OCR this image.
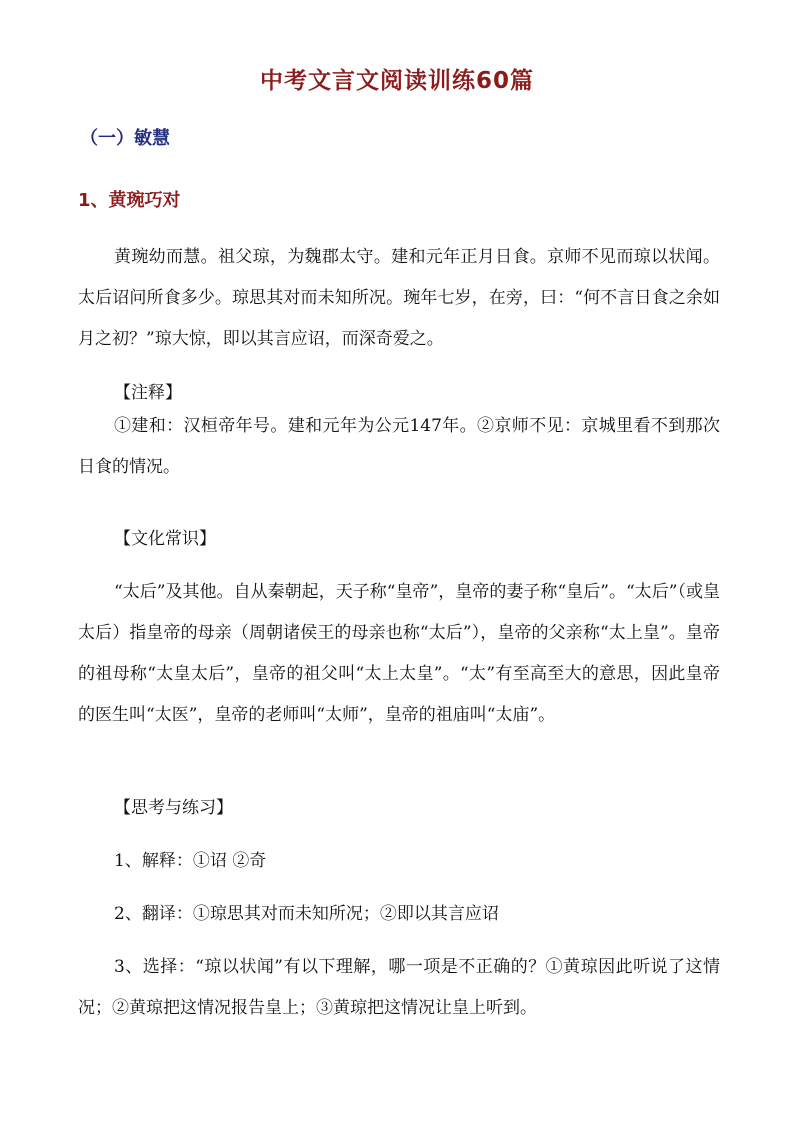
中考文言文阅读训练60篇
（一）敏慧
1、黄琬巧对

黄琬幼而慧。祖父琼，为魏郡太守。建和元年正月日食。京师不见而琼以状闻。太后诏问所食多少。琼思其对而未知所况。琬年七岁，在旁，曰：“何不言日食之余如月之初？”琼大惊，即以其言应诏，而深奇爱之。

【注释】

①建和：汉桓帝年号。建和元年为公元147年。②京师不见：京城里看不到那次日食的情况。

【文化常识】

“太后”及其他。自从秦朝起，天子称“皇帝”，皇帝的妻子称“皇后”。“太后”（或皇太后）指皇帝的母亲（周朝诸侯王的母亲也称“太后”），皇帝的父亲称“太上皇”。皇帝的祖母称“太皇太后”，皇帝的祖父叫“太上太皇”。“太”有至高至大的意思，因此皇帝的医生叫“太医”，皇帝的老师叫“太师”，皇帝的祖庙叫“太庙”。

【思考与练习】

1、解释：①诏 ②奇

2、翻译：①琼思其对而未知所况；②即以其言应诏

3、选择：“琼以状闻”有以下理解，哪一项是不正确的？①黄琼因此听说了这情况；②黄琼把这情况报告皇上；③黄琼把这情况让皇上听到。
